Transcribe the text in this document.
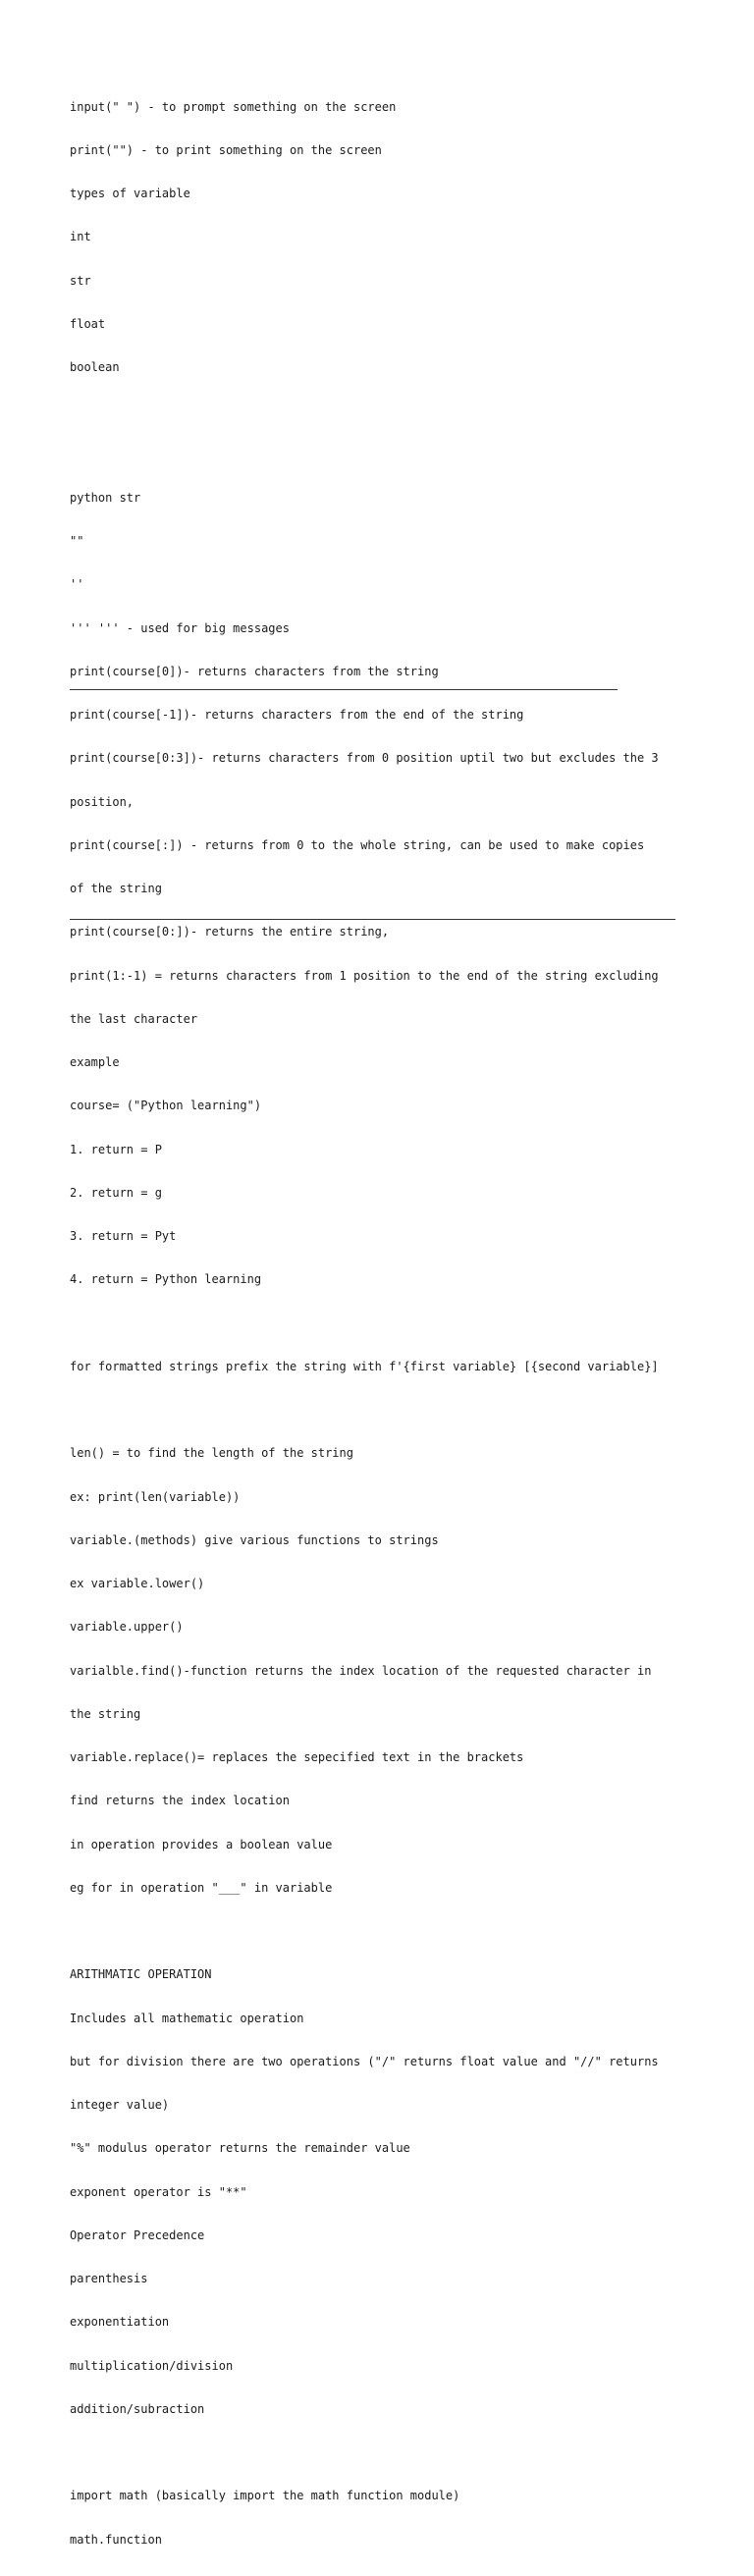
input(" ") - to prompt something on the screen

print("") - to print something on the screen

types of variable

int

str

float

boolean

python str

""

''

''' ''' - used for big messages

print(course[0])- returns characters from the string

print(course[-1])- returns characters from the end of the string

print(course[0:3])- returns characters from 0 position uptil two but excludes the 3

position,

print(course[:]) - returns from 0 to the whole string, can be used to make copies

of the string

print(course[0:])- returns the entire string,

print(1:-1) = returns characters from 1 position to the end of the string excluding

the last character

example

course= ("Python learning")

1. return = P

2. return = g

3. return = Pyt

4. return = Python learning

for formatted strings prefix the string with f'{first variable} [{second variable}]

len() = to find the length of the string

ex: print(len(variable))

variable.(methods) give various functions to strings

ex variable.lower()

variable.upper()

varialble.find()-function returns the index location of the requested character in

the string

variable.replace()= replaces the sepecified text in the brackets

find returns the index location

in operation provides a boolean value

eg for in operation "___" in variable

ARITHMATIC OPERATION

Includes all mathematic operation

but for division there are two operations ("/" returns float value and "//" returns

integer value)

"%" modulus operator returns the remainder value

exponent operator is "**"

Operator Precedence

parenthesis

exponentiation

multiplication/division

addition/subraction

import math (basically import the math function module)

math.function
